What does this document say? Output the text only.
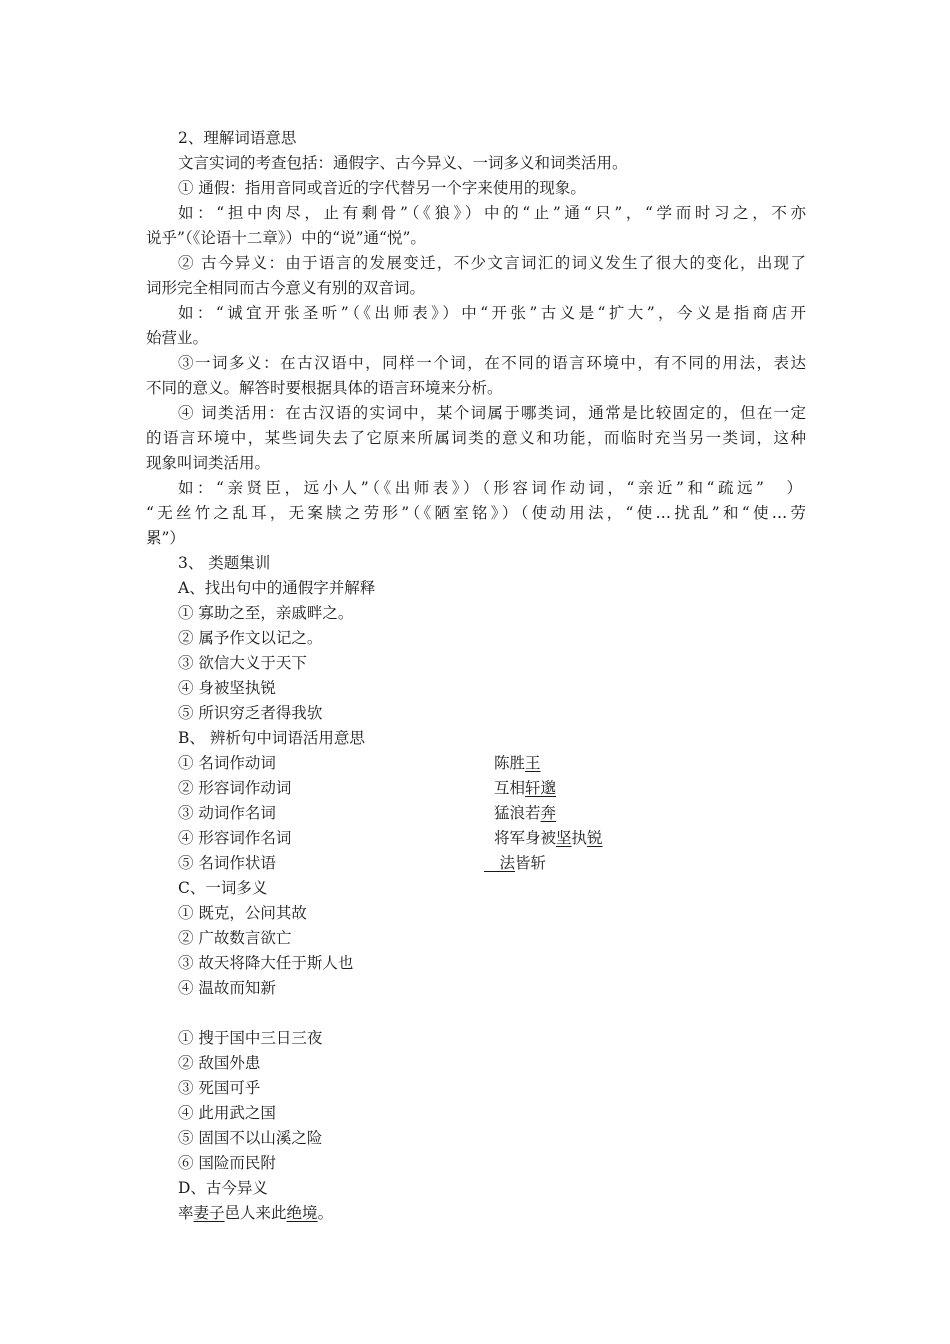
2、理解词语意思
文言实词的考查包括：通假字、古今异义、一词多义和词类活用。
① 通假：指用音同或音近的字代替另一个字来使用的现象。
如：“担中肉尽，止有剩骨”（《狼》）中的“止”通“只”，“学而时习之，不亦
说乎”（《论语十二章》）中的“说”通“悦”。
② 古今异义：由于语言的发展变迁，不少文言词汇的词义发生了很大的变化，出现了
词形完全相同而古今意义有别的双音词。
如：“诚宜开张圣听”（《出师表》）中“开张”古义是“扩大”，今义是指商店开
始营业。
③一词多义：在古汉语中，同样一个词，在不同的语言环境中，有不同的用法，表达
不同的意义。解答时要根据具体的语言环境来分析。
④ 词类活用：在古汉语的实词中，某个词属于哪类词，通常是比较固定的，但在一定
的语言环境中，某些词失去了它原来所属词类的意义和功能，而临时充当另一类词，这种
现象叫词类活用。
如：“亲贤臣，远小人”（《出师表》）（形容词作动词，“亲近”和“疏远”　）
“无丝竹之乱耳，无案牍之劳形”（《陋室铭》）（使动用法，“使…扰乱”和“使…劳
累”）
3、 类题集训
A、找出句中的通假字并解释
① 寡助之至，亲戚畔之。
② 属予作文以记之。
③ 欲信大义于天下
④ 身被坚执锐
⑤ 所识穷乏者得我欤
B、 辨析句中词语活用意思
① 名词作动词	陈胜王
② 形容词作动词	互相轩邈
③ 动词作名词	猛浪若奔
④ 形容词作名词	将军身被坚执锐
⑤ 名词作状语	　法皆斩
C、一词多义
① 既克，公问其故
② 广故数言欲亡
③ 故天将降大任于斯人也
④ 温故而知新
① 搜于国中三日三夜
② 敌国外患
③ 死国可乎
④ 此用武之国
⑤ 固国不以山溪之险
⑥ 国险而民附
D、古今异义
率妻子邑人来此绝境。
